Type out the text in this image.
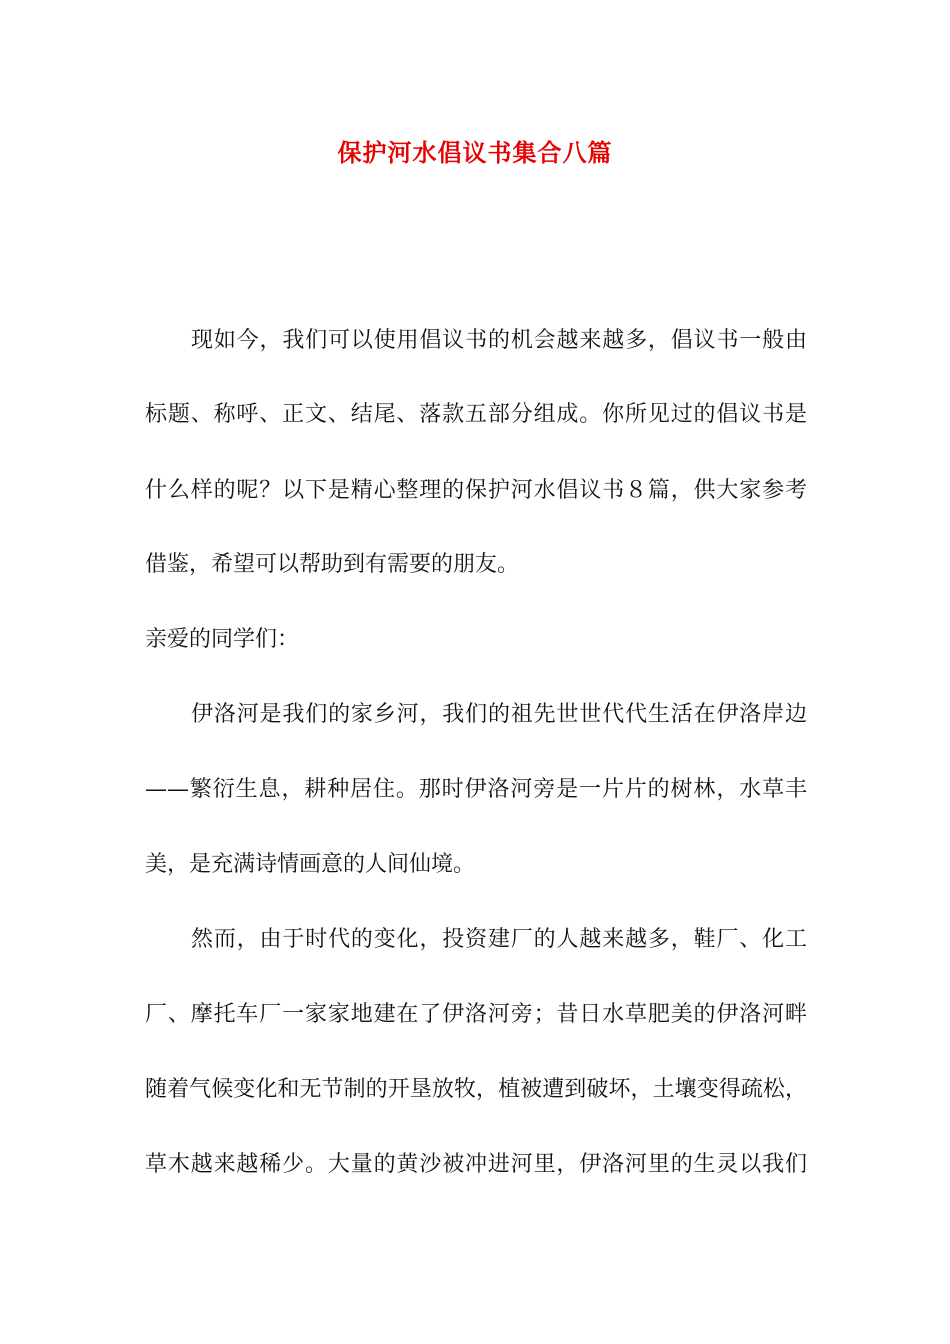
保护河水倡议书集合八篇
现如今，我们可以使用倡议书的机会越来越多，倡议书一般由
标题、称呼、正文、结尾、落款五部分组成。你所见过的倡议书是
什么样的呢？以下是精心整理的保护河水倡议书８篇，供大家参考
借鉴，希望可以帮助到有需要的朋友。
亲爱的同学们：
伊洛河是我们的家乡河，我们的祖先世世代代生活在伊洛岸边
——繁衍生息，耕种居住。那时伊洛河旁是一片片的树林，水草丰
美，是充满诗情画意的人间仙境。
然而，由于时代的变化，投资建厂的人越来越多，鞋厂、化工
厂、摩托车厂一家家地建在了伊洛河旁；昔日水草肥美的伊洛河畔
随着气候变化和无节制的开垦放牧，植被遭到破坏，土壤变得疏松，
草木越来越稀少。大量的黄沙被冲进河里，伊洛河里的生灵以我们
